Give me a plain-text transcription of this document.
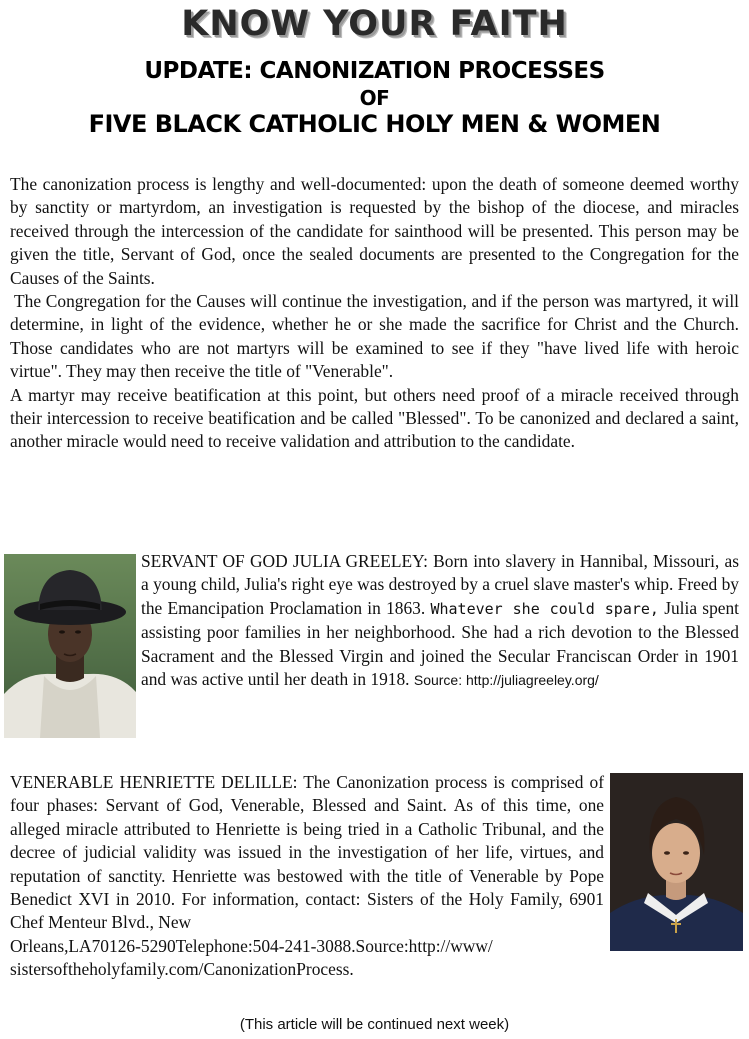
KNOW YOUR FAITH
UPDATE: CANONIZATION PROCESSES
OF
FIVE BLACK CATHOLIC HOLY MEN & WOMEN

The canonization process is lengthy and well-documented: upon the death of someone deemed worthy by sanctity or martyrdom, an investigation is requested by the bishop of the diocese, and miracles received through the intercession of the candidate for sainthood will be presented. This person may be given the title, Servant of God, once the sealed documents are presented to the Congregation for the Causes of the Saints.

The Congregation for the Causes will continue the investigation, and if the person was martyred, it will determine, in light of the evidence, whether he or she made the sacrifice for Christ and the Church. Those candidates who are not martyrs will be examined to see if they "have lived life with heroic virtue". They may then receive the title of "Venerable".

A martyr may receive beatification at this point, but others need proof of a miracle received through their intercession to receive beatification and be called "Blessed". To be canonized and declared a saint, another miracle would need to receive validation and attribution to the candidate.

SERVANT OF GOD JULIA GREELEY: Born into slavery in Hannibal, Missouri, as a young child, Julia's right eye was destroyed by a cruel slave master's whip. Freed by the Emancipation Proclamation in 1863. Whatever she could spare, Julia spent assisting poor families in her neighborhood. She had a rich devotion to the Blessed Sacrament and the Blessed Virgin and joined the Secular Franciscan Order in 1901 and was active until her death in 1918. Source: http://juliagreeley.org/
VENERABLE HENRIETTE DELILLE: The Canonization process is comprised of four phases: Servant of God, Venerable, Blessed and Saint. As of this time, one alleged miracle attributed to Henriette is being tried in a Catholic Tribunal, and the decree of judicial validity was issued in the investigation of her life, virtues, and reputation of sanctity. Henriette was bestowed with the title of Venerable by Pope Benedict XVI in 2010. For information, contact: Sisters of the Holy Family, 6901 Chef Menteur Blvd., New
Orleans,LA70126-5290Telephone:504-241-3088.Source:http://www/ sistersoftheholyfamily.com/CanonizationProcess.
(This article will be continued next week)
